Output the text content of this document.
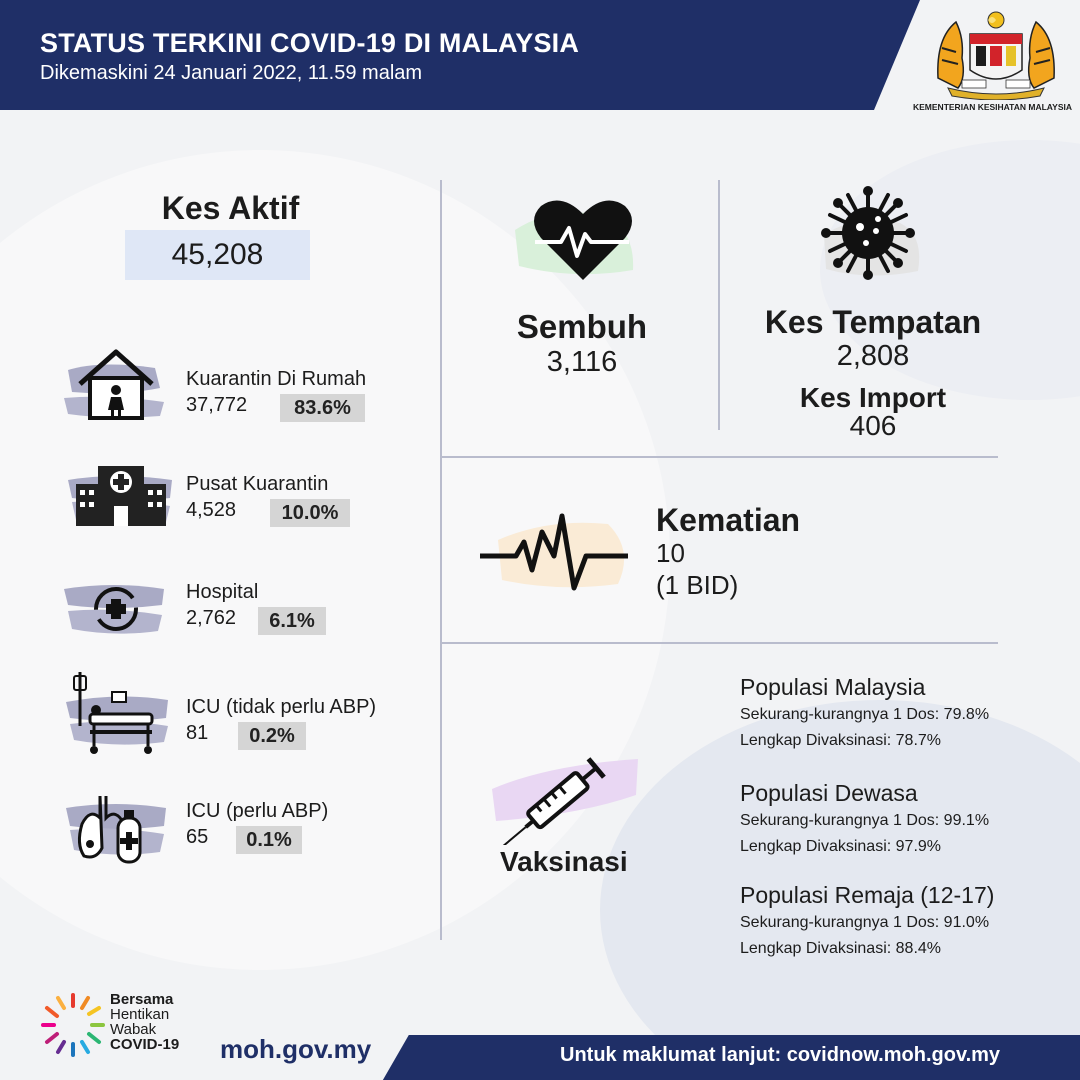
STATUS TERKINI COVID-19 DI MALAYSIA
Dikemaskini 24 Januari 2022, 11.59 malam
KEMENTERIAN KESIHATAN MALAYSIA
Kes Aktif
45,208
Kuarantin Di Rumah
37,772	83.6%
Pusat Kuarantin
4,528	10.0%
Hospital
2,762	6.1%
ICU (tidak perlu ABP)
81	0.2%
ICU (perlu ABP)
65	0.1%
Sembuh
3,116
Kes Tempatan
2,808
Kes Import
406
Kematian
10
(1 BID)
Vaksinasi
Populasi Malaysia
Sekurang-kurangnya 1 Dos: 79.8%
Lengkap Divaksinasi: 78.7%
Populasi Dewasa
Sekurang-kurangnya 1 Dos: 99.1%
Lengkap Divaksinasi: 97.9%
Populasi Remaja (12-17)
Sekurang-kurangnya 1 Dos: 91.0%
Lengkap Divaksinasi: 88.4%
Bersama
Hentikan
Wabak
COVID-19 moh.gov.my	Untuk maklumat lanjut: covidnow.moh.gov.my
